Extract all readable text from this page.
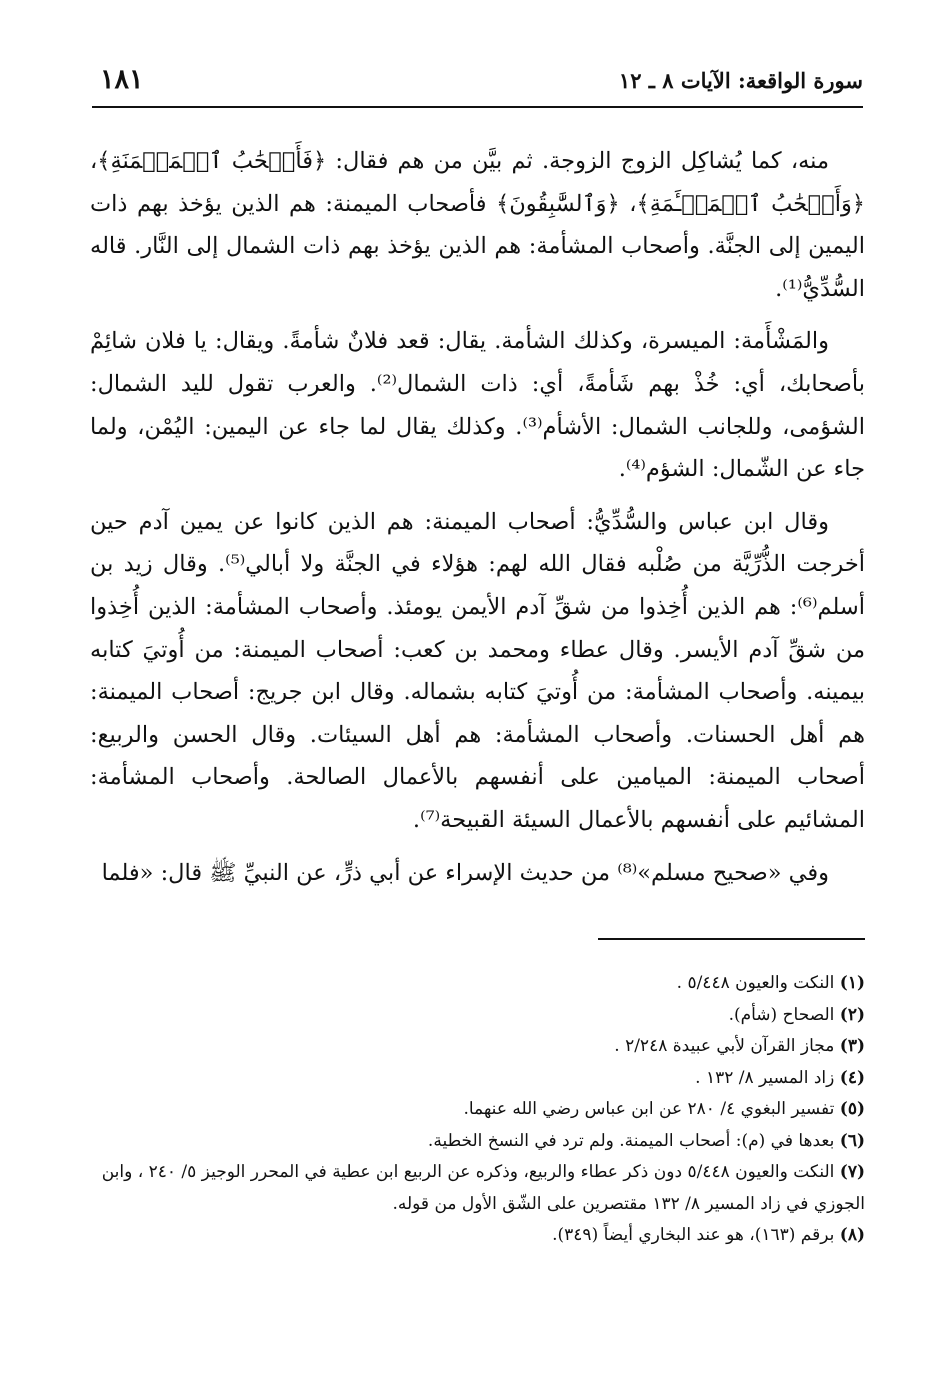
سورة الواقعة: الآيات ٨ ـ ١٢
١٨١

منه، كما يُشاكِل الزوج الزوجة. ثم بيَّن من هم فقال: ﴿فَأَصۡحَٰبُ ٱلۡمَيۡمَنَةِ﴾، ﴿وَأَصۡحَٰبُ ٱلۡمَشۡـَٔمَةِ﴾، ﴿وَٱلسَّٰبِقُونَ﴾ فأصحاب الميمنة: هم الذين يؤخذ بهم ذات اليمين إلى الجنَّة. وأصحاب المشأمة: هم الذين يؤخذ بهم ذات الشمال إلى النَّار. قاله السُّدِّيُّ⁽¹⁾.

والمَشْأَمة: الميسرة، وكذلك الشأمة. يقال: قعد فلانٌ شأمةً. ويقال: يا فلان شائِمْ بأصحابك، أي: خُذْ بهم شَأمةً، أي: ذات الشمال⁽²⁾. والعرب تقول لليد الشمال: الشؤمى، وللجانب الشمال: الأشأم⁽³⁾. وكذلك يقال لما جاء عن اليمين: اليُمْن، ولما جاء عن الشّمال: الشؤم⁽⁴⁾.

وقال ابن عباس والسُّدِّيُّ: أصحاب الميمنة: هم الذين كانوا عن يمين آدم حين أخرجت الذُّرِّيَّة من صُلْبه فقال الله لهم: هؤلاء في الجنَّة ولا أبالي⁽⁵⁾. وقال زيد بن أسلم⁽⁶⁾: هم الذين أُخِذوا من شقِّ آدم الأيمن يومئذ. وأصحاب المشأمة: الذين أُخِذوا من شقِّ آدم الأيسر. وقال عطاء ومحمد بن كعب: أصحاب الميمنة: من أُوتيَ كتابه بيمينه. وأصحاب المشأمة: من أُوتيَ كتابه بشماله. وقال ابن جريج: أصحاب الميمنة: هم أهل الحسنات. وأصحاب المشأمة: هم أهل السيئات. وقال الحسن والربيع: أصحاب الميمنة: الميامين على أنفسهم بالأعمال الصالحة. وأصحاب المشأمة: المشائيم على أنفسهم بالأعمال السيئة القبيحة⁽⁷⁾.

وفي «صحيح مسلم»⁽⁸⁾ من حديث الإسراء عن أبي ذرٍّ، عن النبيِّ ﷺ قال: «فلما

(١) النكت والعيون ٥/٤٤٨ .

(٢) الصحاح (شأم).

(٣) مجاز القرآن لأبي عبيدة ٢/٢٤٨ .

(٤) زاد المسير ٨/ ١٣٢ .

(٥) تفسير البغوي ٤/ ٢٨٠ عن ابن عباس رضي الله عنهما.

(٦) بعدها في (م): أصحاب الميمنة. ولم ترد في النسخ الخطية.

(٧) النكت والعيون ٥/٤٤٨ دون ذكر عطاء والربيع، وذكره عن الربيع ابن عطية في المحرر الوجيز ٥/ ٢٤٠ ، وابن الجوزي في زاد المسير ٨/ ١٣٢ مقتصرين على الشّق الأول من قوله.

(٨) برقم (١٦٣)، هو عند البخاري أيضاً (٣٤٩).
